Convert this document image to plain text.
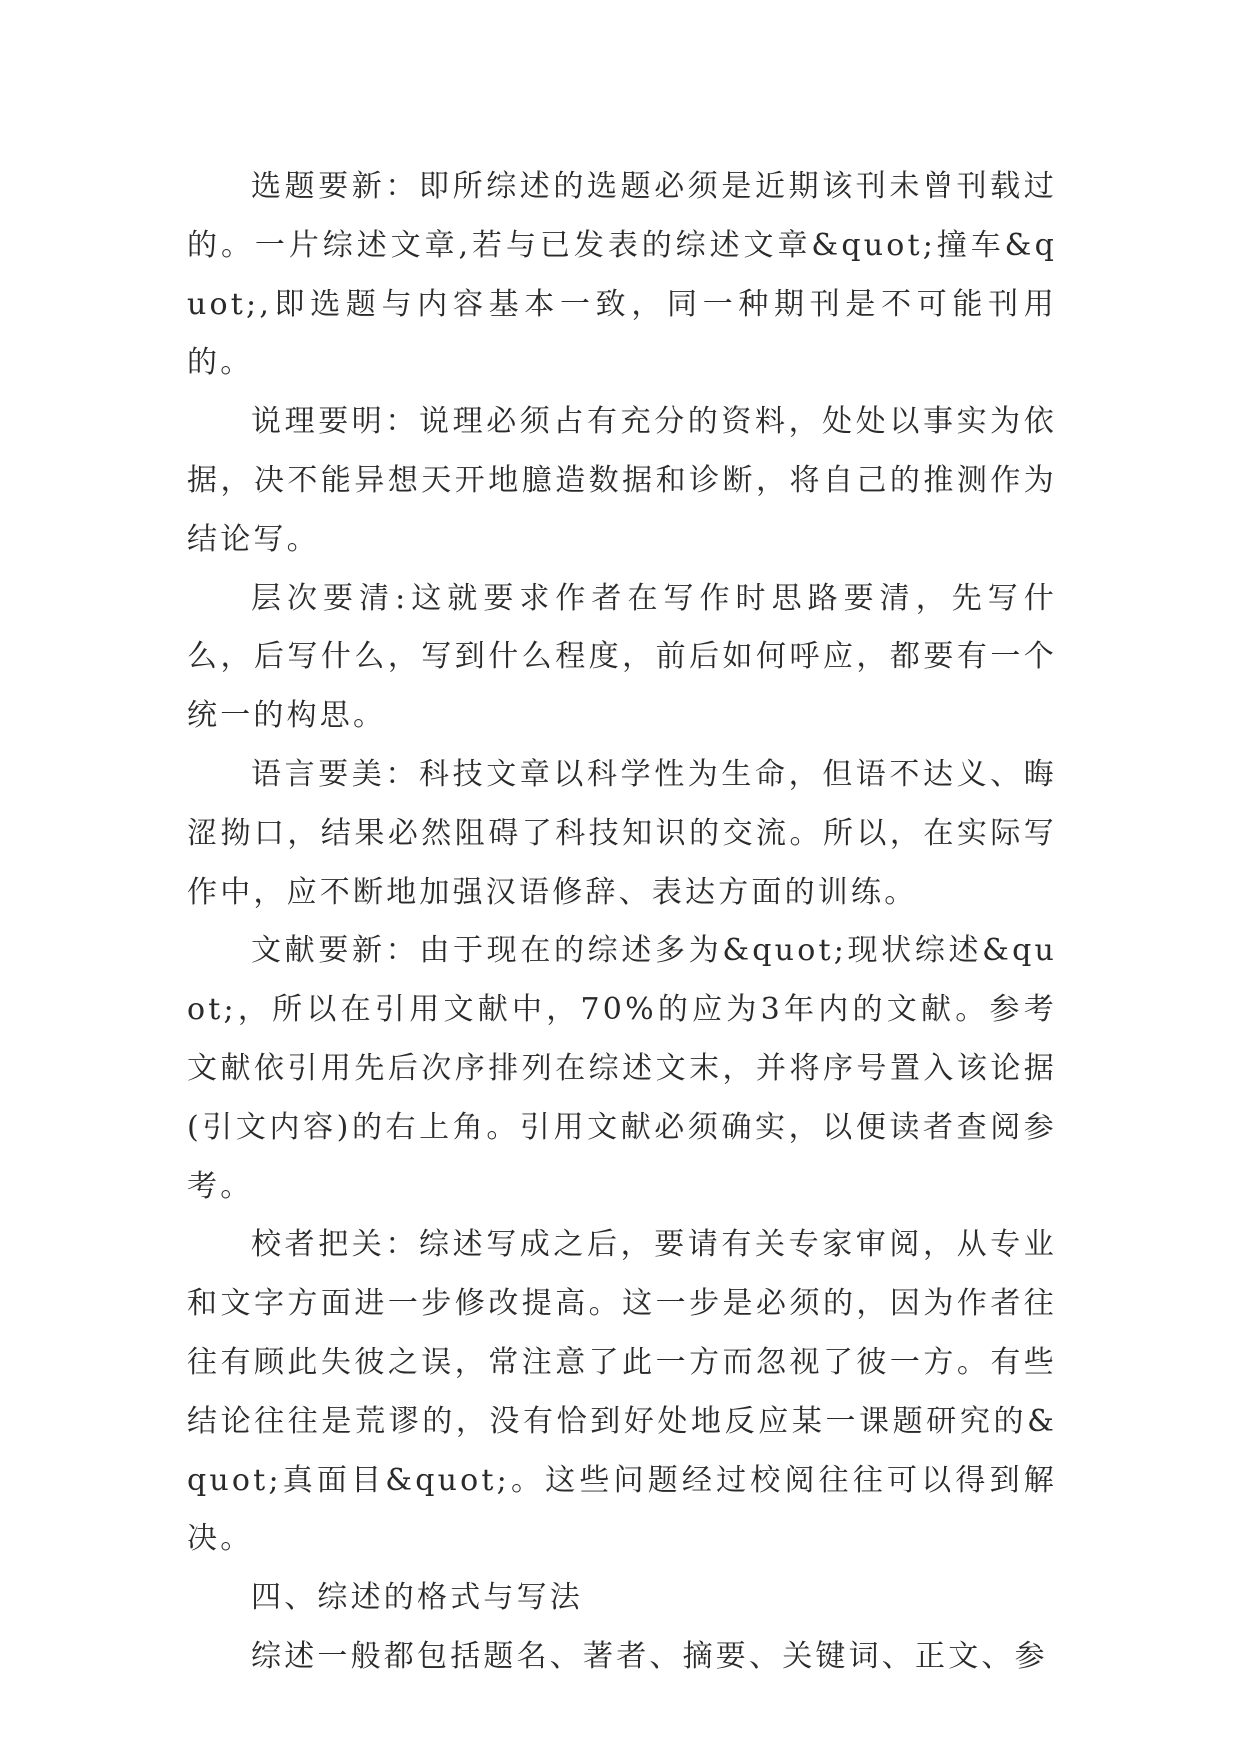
选题要新：即所综述的选题必须是近期该刊未曾刊载过的。一片综述文章,若与已发表的综述文章&quot;撞车&quot;,即选题与内容基本一致，同一种期刊是不可能刊用的。

说理要明：说理必须占有充分的资料，处处以事实为依据，决不能异想天开地臆造数据和诊断，将自己的推测作为结论写。

层次要清:这就要求作者在写作时思路要清，先写什么，后写什么，写到什么程度，前后如何呼应，都要有一个统一的构思。

语言要美：科技文章以科学性为生命，但语不达义、晦涩拗口，结果必然阻碍了科技知识的交流。所以，在实际写作中，应不断地加强汉语修辞、表达方面的训练。

文献要新：由于现在的综述多为&quot;现状综述&quot;，所以在引用文献中，70%的应为3年内的文献。参考文献依引用先后次序排列在综述文末，并将序号置入该论据(引文内容)的右上角。引用文献必须确实，以便读者查阅参考。

校者把关：综述写成之后，要请有关专家审阅，从专业和文字方面进一步修改提高。这一步是必须的，因为作者往往有顾此失彼之误，常注意了此一方而忽视了彼一方。有些结论往往是荒谬的，没有恰到好处地反应某一课题研究的&quot;真面目&quot;。这些问题经过校阅往往可以得到解决。

四、综述的格式与写法

综述一般都包括题名、著者、摘要、关键词、正文、参
